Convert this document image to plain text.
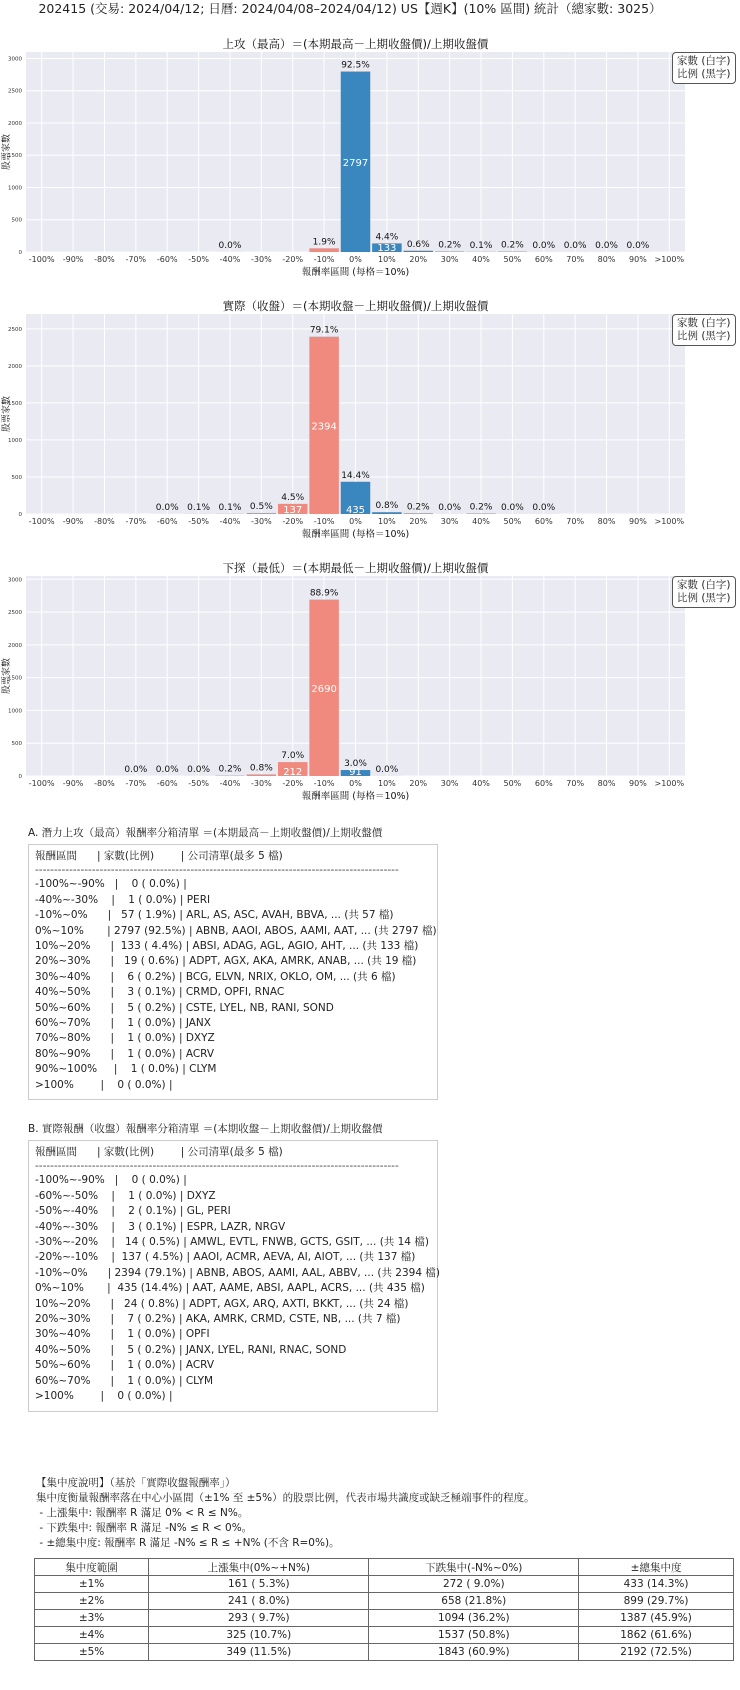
202415 (交易: 2024/04/12; 日曆: 2024/04/08–2024/04/12) US【週K】(10% 區間) 統計（總家數: 3025）
0
500
1000
1500
2000
2500
3000
0.0%	1.9%
92.5%
2797
4.4%
133 0.6% 0.2% 0.1% 0.2% 0.0% 0.0% 0.0% 0.0%
-100% -90% -80% -70% -60% -50% -40% -30% -20% -10% 0% 10% 20% 30% 40% 50% 60% 70% 80% 90% >100%
上攻（最高）＝(本期最高－上期收盤價)/上期收盤價
報酬率區間 (每格＝10%)
股票家數
家數 (白字)
比例 (黑字)
0
500
1000
1500
2000
2500
0.0% 0.1% 0.1% 0.5%
4.5%
137
79.1%
2394
14.4%
435 0.8% 0.2% 0.0% 0.2% 0.0% 0.0%
-100% -90% -80% -70% -60% -50% -40% -30% -20% -10% 0% 10% 20% 30% 40% 50% 60% 70% 80% 90% >100%
實際（收盤）＝(本期收盤－上期收盤價)/上期收盤價
報酬率區間 (每格＝10%)
股票家數
家數 (白字)
比例 (黑字)
0
500
1000
1500
2000
2500
3000
0.0% 0.0% 0.0% 0.2% 0.8%
7.0%
212
88.9%
2690
3.0%
91 0.0%
-100% -90% -80% -70% -60% -50% -40% -30% -20% -10% 0% 10% 20% 30% 40% 50% 60% 70% 80% 90% >100%
下探（最低）＝(本期最低－上期收盤價)/上期收盤價
報酬率區間 (每格＝10%)
股票家數
家數 (白字)
比例 (黑字)
A. 潛力上攻（最高）報酬率分箱清單 ＝(本期最高－上期收盤價)/上期收盤價
報酬區間      | 家數(比例)        | 公司清單(最多 5 檔)
------------------------------------------------------------------------------------------------
-100%~-90%   |    0 ( 0.0%) |
-40%~-30%    |    1 ( 0.0%) | PERI
-10%~0%      |   57 ( 1.9%) | ARL, AS, ASC, AVAH, BBVA, ... (共 57 檔)
0%~10%       | 2797 (92.5%) | ABNB, AAOI, ABOS, AAMI, AAT, ... (共 2797 檔)
10%~20%      |  133 ( 4.4%) | ABSI, ADAG, AGL, AGIO, AHT, ... (共 133 檔)
20%~30%      |   19 ( 0.6%) | ADPT, AGX, AKA, AMRK, ANAB, ... (共 19 檔)
30%~40%      |    6 ( 0.2%) | BCG, ELVN, NRIX, OKLO, OM, ... (共 6 檔)
40%~50%      |    3 ( 0.1%) | CRMD, OPFI, RNAC
50%~60%      |    5 ( 0.2%) | CSTE, LYEL, NB, RANI, SOND
60%~70%      |    1 ( 0.0%) | JANX
70%~80%      |    1 ( 0.0%) | DXYZ
80%~90%      |    1 ( 0.0%) | ACRV
90%~100%     |    1 ( 0.0%) | CLYM
>100%        |    0 ( 0.0%) |
B. 實際報酬（收盤）報酬率分箱清單 ＝(本期收盤－上期收盤價)/上期收盤價
報酬區間      | 家數(比例)        | 公司清單(最多 5 檔)
------------------------------------------------------------------------------------------------
-100%~-90%   |    0 ( 0.0%) |
-60%~-50%    |    1 ( 0.0%) | DXYZ
-50%~-40%    |    2 ( 0.1%) | GL, PERI
-40%~-30%    |    3 ( 0.1%) | ESPR, LAZR, NRGV
-30%~-20%    |   14 ( 0.5%) | AMWL, EVTL, FNWB, GCTS, GSIT, ... (共 14 檔)
-20%~-10%    |  137 ( 4.5%) | AAOI, ACMR, AEVA, AI, AIOT, ... (共 137 檔)
-10%~0%      | 2394 (79.1%) | ABNB, ABOS, AAMI, AAL, ABBV, ... (共 2394 檔)
0%~10%       |  435 (14.4%) | AAT, AAME, ABSI, AAPL, ACRS, ... (共 435 檔)
10%~20%      |   24 ( 0.8%) | ADPT, AGX, ARQ, AXTI, BKKT, ... (共 24 檔)
20%~30%      |    7 ( 0.2%) | AKA, AMRK, CRMD, CSTE, NB, ... (共 7 檔)
30%~40%      |    1 ( 0.0%) | OPFI
40%~50%      |    5 ( 0.2%) | JANX, LYEL, RANI, RNAC, SOND
50%~60%      |    1 ( 0.0%) | ACRV
60%~70%      |    1 ( 0.0%) | CLYM
>100%        |    0 ( 0.0%) |
【集中度說明】（基於「實際收盤報酬率」）
集中度衡量報酬率落在中心小區間（±1% 至 ±5%）的股票比例，代表市場共識度或缺乏極端事件的程度。
- 上漲集中: 報酬率 R 滿足 0% < R ≤ N%。
- 下跌集中: 報酬率 R 滿足 -N% ≤ R < 0%。
- ±總集中度: 報酬率 R 滿足 -N% ≤ R ≤ +N% (不含 R=0%)。
集中度範圍	上漲集中(0%~+N%)	下跌集中(-N%~0%)	±總集中度
±1%	161 ( 5.3%)	272 ( 9.0%)	433 (14.3%)
±2%	241 ( 8.0%)	658 (21.8%)	899 (29.7%)
±3%	293 ( 9.7%)	1094 (36.2%)	1387 (45.9%)
±4%	325 (10.7%)	1537 (50.8%)	1862 (61.6%)
±5%	349 (11.5%)	1843 (60.9%)	2192 (72.5%)
